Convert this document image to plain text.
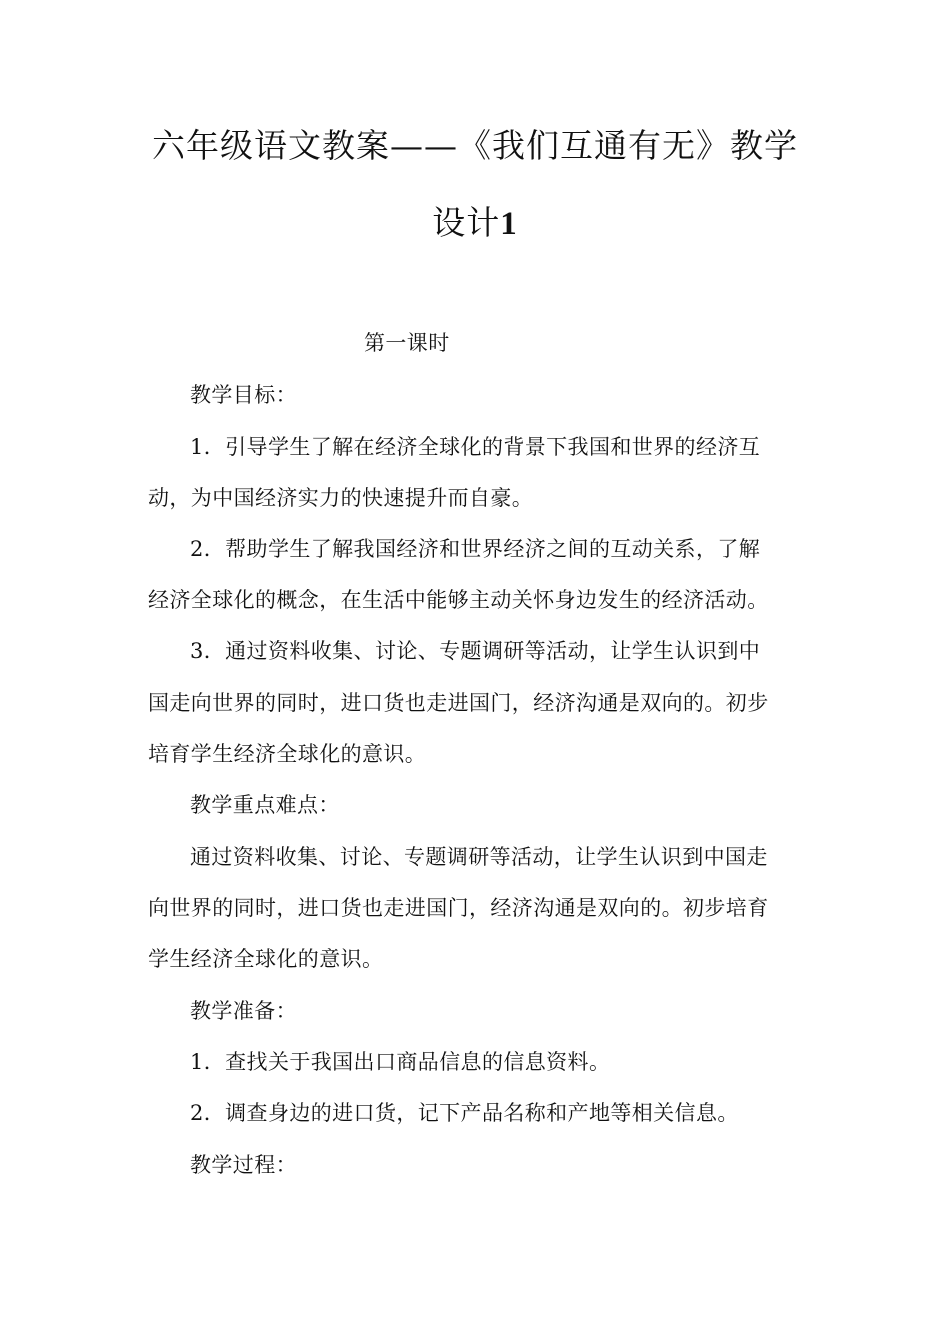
六年级语文教案——《我们互通有无》教学
设计1
第一课时
教学目标：
1．引导学生了解在经济全球化的背景下我国和世界的经济互
动，为中国经济实力的快速提升而自豪。
2．帮助学生了解我国经济和世界经济之间的互动关系，了解
经济全球化的概念，在生活中能够主动关怀身边发生的经济活动。
3．通过资料收集、讨论、专题调研等活动，让学生认识到中
国走向世界的同时，进口货也走进国门，经济沟通是双向的。初步
培育学生经济全球化的意识。
教学重点难点：
通过资料收集、讨论、专题调研等活动，让学生认识到中国走
向世界的同时，进口货也走进国门，经济沟通是双向的。初步培育
学生经济全球化的意识。
教学准备：
1．查找关于我国出口商品信息的信息资料。
2．调查身边的进口货，记下产品名称和产地等相关信息。
教学过程：
